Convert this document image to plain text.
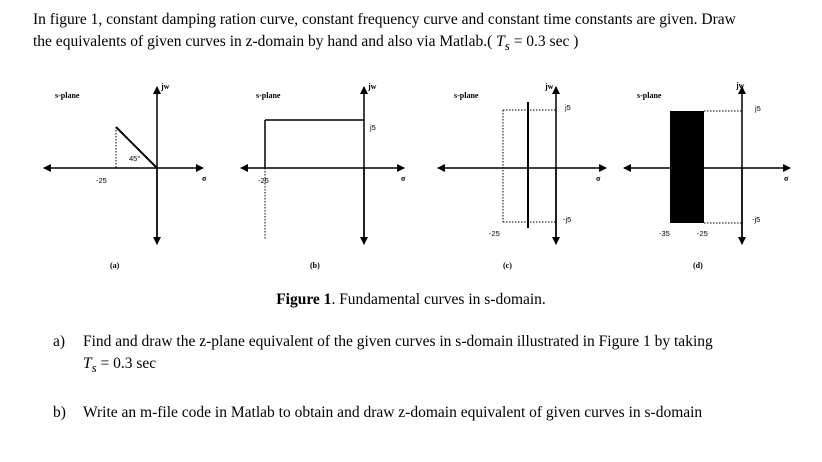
In figure 1, constant damping ration curve, constant frequency curve and constant time constants are given. Draw
the equivalents of given curves in z-domain by hand and also via Matlab.( $T_s = 0.3$ sec )
s-plane
jw
σ
45°
-25
(a)
s-plane
jw
σ
j5
-25
(b)
s-plane
jw
σ
j5
-j5
-25
(c)
s-plane
jw
σ
j5
-j5
-35	-25
(d)

Figure 1. Fundamental curves in s-domain.

a) Find and draw the z-plane equivalent of the given curves in s-domain illustrated in Figure 1 by taking
$T_s = 0.3$ sec

b) Write an m-file code in Matlab to obtain and draw z-domain equivalent of given curves in s-domain
